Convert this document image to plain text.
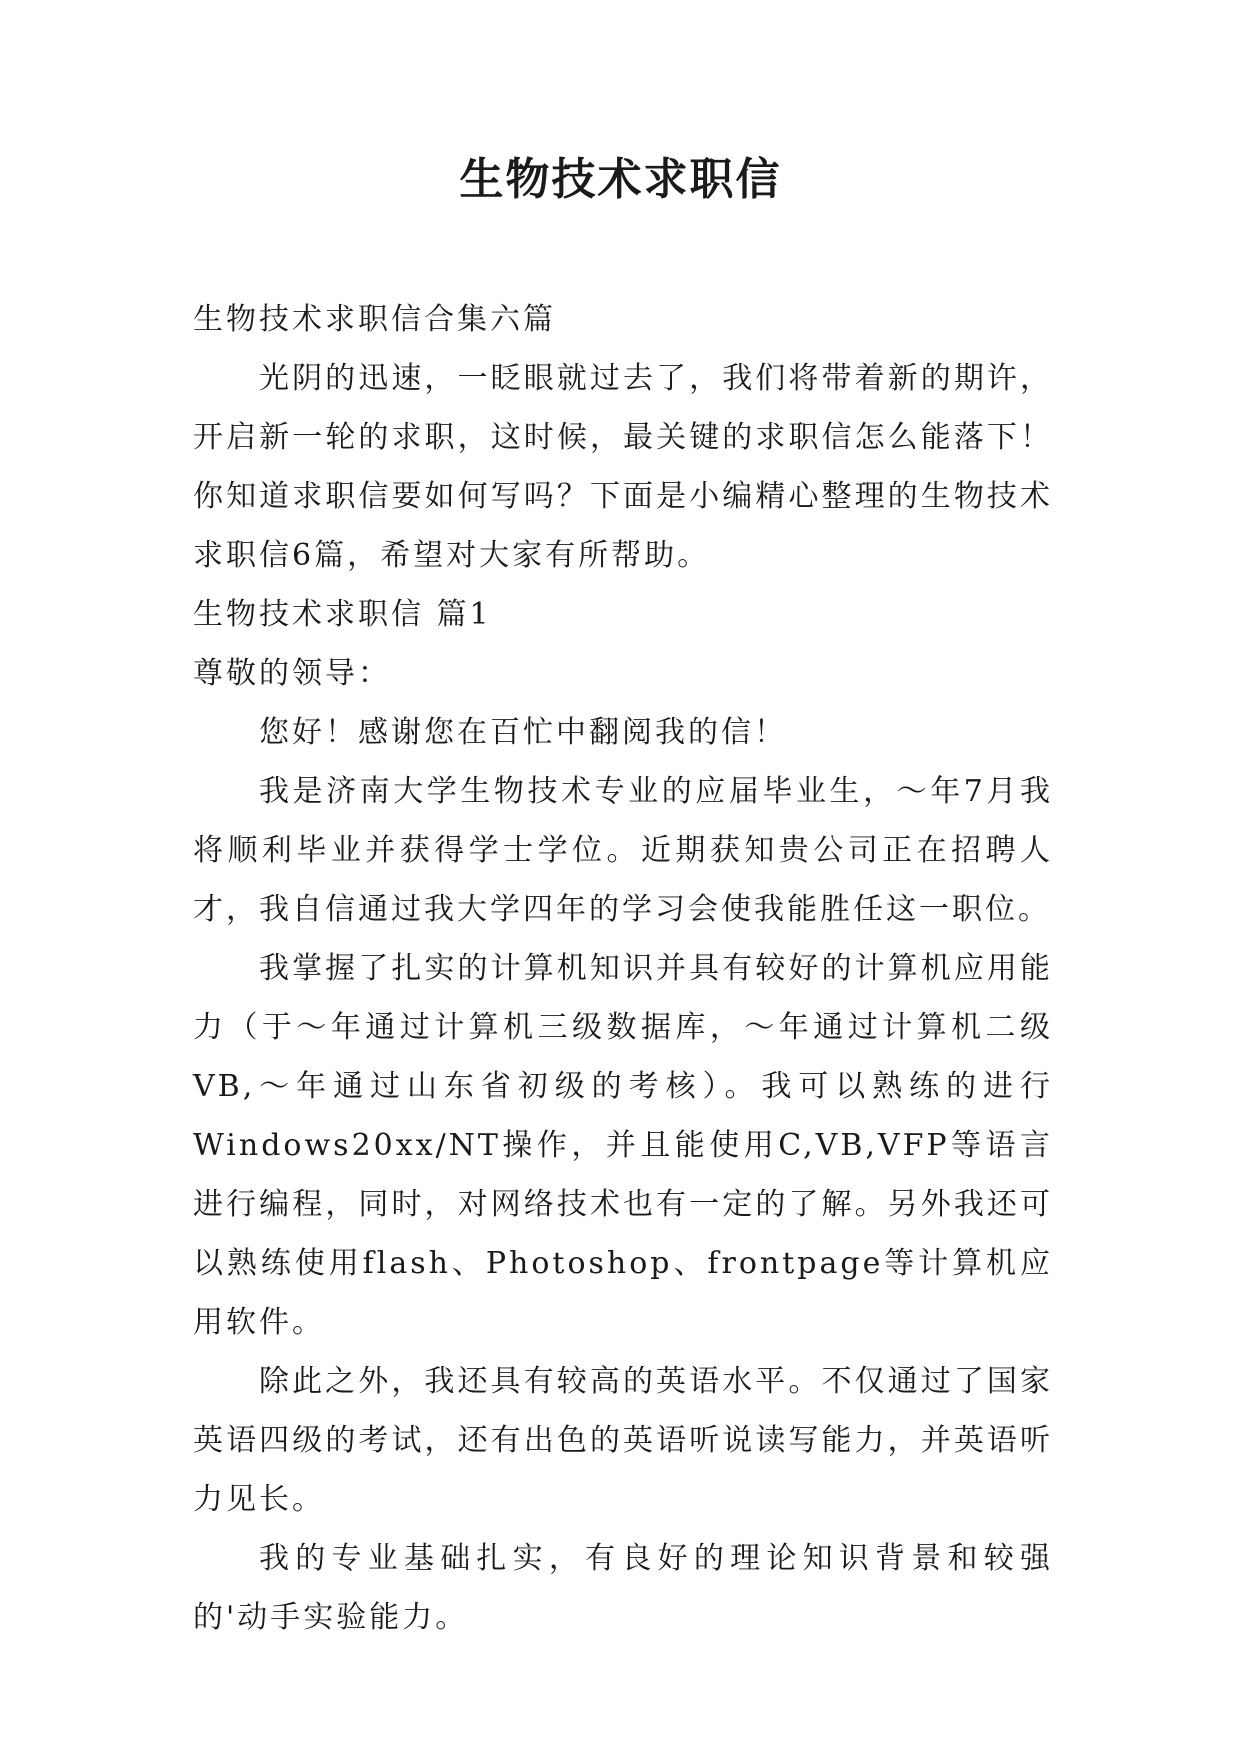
生物技术求职信

生物技术求职信合集六篇

光阴的迅速，一眨眼就过去了，我们将带着新的期许，开启新一轮的求职，这时候，最关键的求职信怎么能落下！你知道求职信要如何写吗？下面是小编精心整理的生物技术求职信6篇，希望对大家有所帮助。

生物技术求职信 篇1

尊敬的领导：

您好！感谢您在百忙中翻阅我的信！

我是济南大学生物技术专业的应届毕业生，～年7月我将顺利毕业并获得学士学位。近期获知贵公司正在招聘人才，我自信通过我大学四年的学习会使我能胜任这一职位。

我掌握了扎实的计算机知识并具有较好的计算机应用能力（于～年通过计算机三级数据库，～年通过计算机二级VB,～年通过山东省初级的考核）。我可以熟练的进行Windows20xx/NT操作，并且能使用C,VB,VFP等语言进行编程，同时，对网络技术也有一定的了解。另外我还可以熟练使用flash、Photoshop、frontpage等计算机应用软件。

除此之外，我还具有较高的英语水平。不仅通过了国家英语四级的考试，还有出色的英语听说读写能力，并英语听力见长。

我的专业基础扎实，有良好的理论知识背景和较强的'动手实验能力。
